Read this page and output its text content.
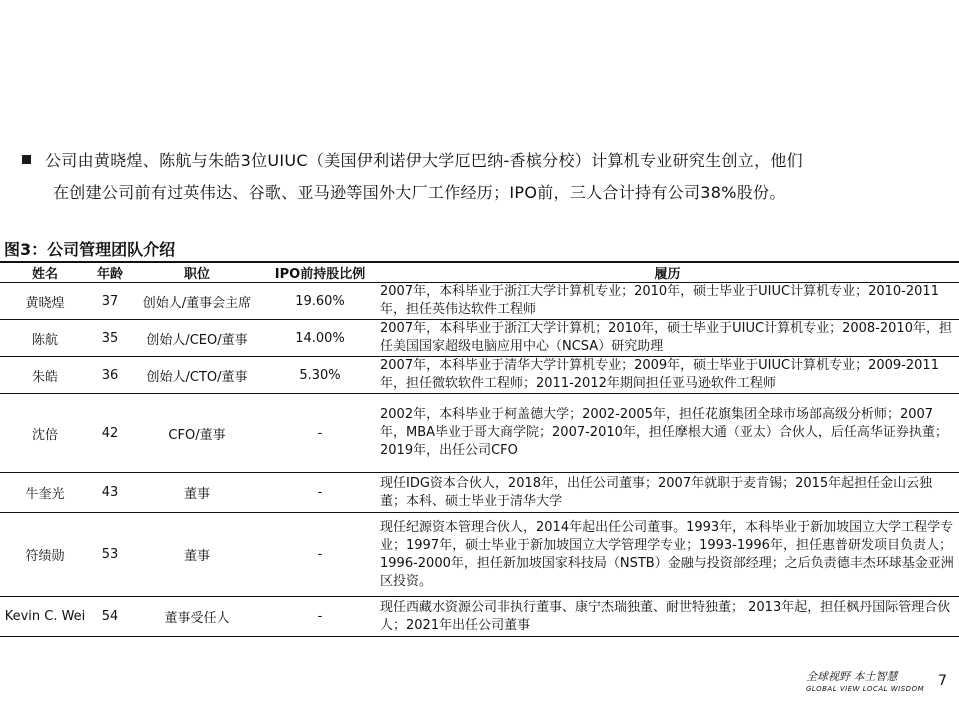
公司由黄晓煌、陈航与朱皓3位UIUC（美国伊利诺伊大学厄巴纳-香槟分校）计算机专业研究生创立，他们
在创建公司前有过英伟达、谷歌、亚马逊等国外大厂工作经历；IPO前，三人合计持有公司38%股份。
图3：公司管理团队介绍
姓名	年龄	职位	IPO前持股比例	履历
黄晓煌	37	创始人/董事会主席	19.60%	2007年，本科毕业于浙江大学计算机专业；2010年，硕士毕业于UIUC计算机专业；2010-2011年，担任英伟达软件工程师
陈航	35	创始人/CEO/董事	14.00%	2007年，本科毕业于浙江大学计算机；2010年，硕士毕业于UIUC计算机专业；2008-2010年，担任美国国家超级电脑应用中心（NCSA）研究助理
朱皓	36	创始人/CTO/董事	5.30%	2007年，本科毕业于清华大学计算机专业；2009年，硕士毕业于UIUC计算机专业；2009-2011年，担任微软软件工程师；2011-2012年期间担任亚马逊软件工程师
沈倍	42	CFO/董事	-	2002年，本科毕业于柯盖德大学；2002-2005年，担任花旗集团全球市场部高级分析师；2007年，MBA毕业于哥大商学院；2007-2010年，担任摩根大通（亚太）合伙人，后任高华证券执董；2019年，出任公司CFO
牛奎光	43	董事	-	现任IDG资本合伙人，2018年，出任公司董事；2007年就职于麦肯锡；2015年起担任金山云独董；本科、硕士毕业于清华大学
符绩勋	53	董事	-	现任纪源资本管理合伙人，2014年起出任公司董事。1993年，本科毕业于新加坡国立大学工程学专业；1997年，硕士毕业于新加坡国立大学管理学专业；1993-1996年，担任惠普研发项目负责人；1996-2000年，担任新加坡国家科技局（NSTB）金融与投资部经理；之后负责德丰杰环球基金亚洲区投资。
Kevin C. Wei	54	董事受任人	-	现任西藏水资源公司非执行董事、康宁杰瑞独董、耐世特独董； 2013年起，担任枫丹国际管理合伙人；2021年出任公司董事
全球视野 本土智慧
GLOBAL VIEW LOCAL WISDOM 7
